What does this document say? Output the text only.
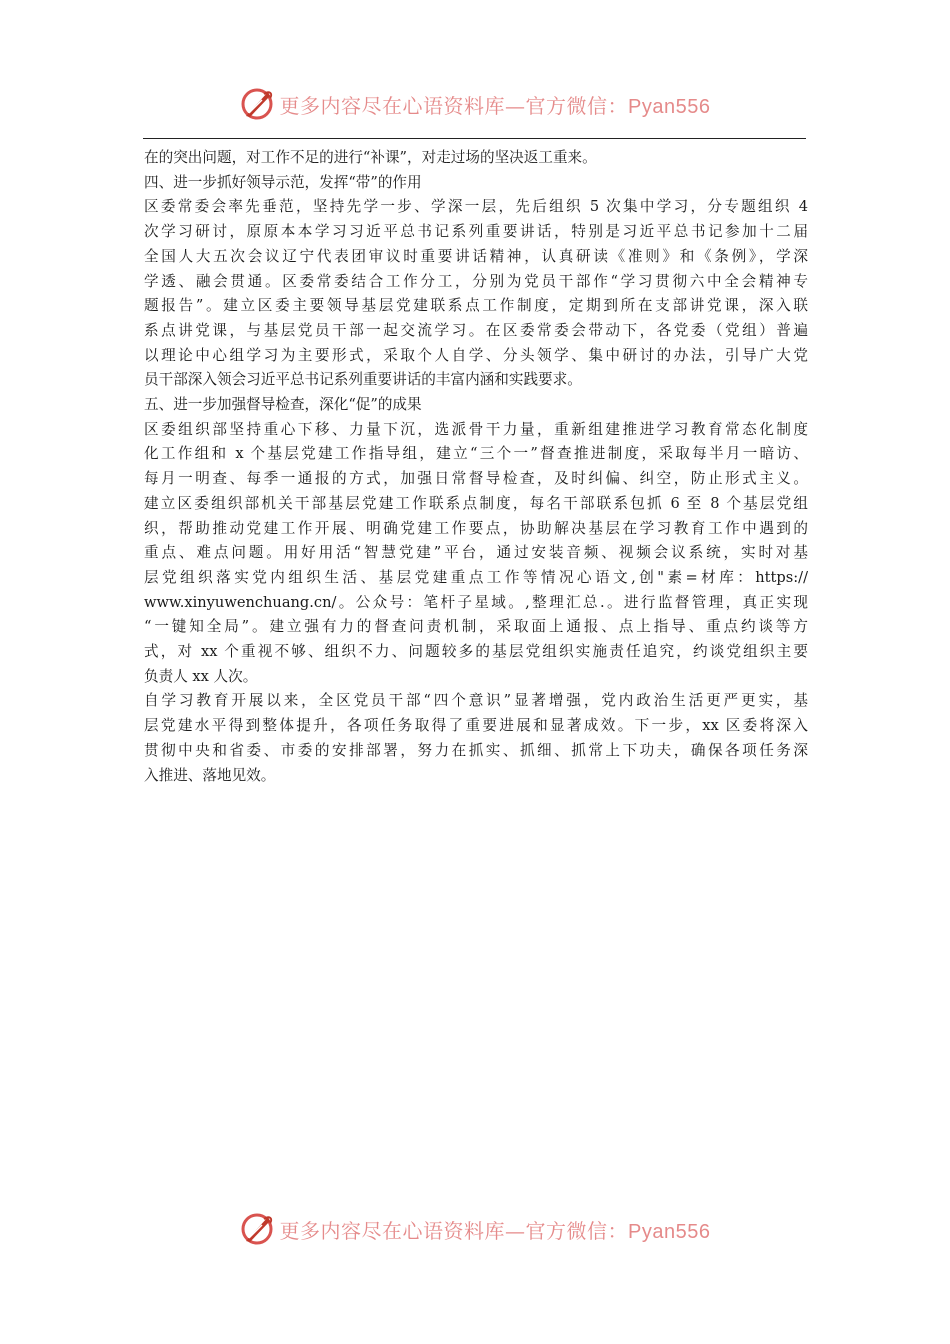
更多内容尽在心语资料库—官方微信：Pyan556

在的突出问题，对工作不足的进行“补课”，对走过场的坚决返工重来。

四、进一步抓好领导示范，发挥“带”的作用

区委常委会率先垂范，坚持先学一步、学深一层，先后组织 5 次集中学习，分专题组织 4
次学习研讨，原原本本学习习近平总书记系列重要讲话，特别是习近平总书记参加十二届
全国人大五次会议辽宁代表团审议时重要讲话精神，认真研读《准则》和《条例》，学深
学透、融会贯通。区委常委结合工作分工，分别为党员干部作“学习贯彻六中全会精神专
题报告”。建立区委主要领导基层党建联系点工作制度，定期到所在支部讲党课，深入联
系点讲党课，与基层党员干部一起交流学习。在区委常委会带动下，各党委（党组）普遍
以理论中心组学习为主要形式，采取个人自学、分头领学、集中研讨的办法，引导广大党
员干部深入领会习近平总书记系列重要讲话的丰富内涵和实践要求。

五、进一步加强督导检查，深化“促”的成果

区委组织部坚持重心下移、力量下沉，选派骨干力量，重新组建推进学习教育常态化制度
化工作组和 x 个基层党建工作指导组，建立“三个一”督查推进制度，采取每半月一暗访、
每月一明查、每季一通报的方式，加强日常督导检查，及时纠偏、纠空，防止形式主义。
建立区委组织部机关干部基层党建工作联系点制度，每名干部联系包抓 6 至 8 个基层党组
织，帮助推动党建工作开展、明确党建工作要点，协助解决基层在学习教育工作中遇到的
重点、难点问题。用好用活“智慧党建”平台，通过安装音频、视频会议系统，实时对基
层党组织落实党内组织生活、基层党建重点工作等情况心语文,创"素=材库：https://
www.xinyuwenchuang.cn/。公众号：笔杆子星域。,整理汇总.。进行监督管理，真正实现
“一键知全局”。建立强有力的督查问责机制，采取面上通报、点上指导、重点约谈等方
式，对 xx 个重视不够、组织不力、问题较多的基层党组织实施责任追究，约谈党组织主要
负责人 xx 人次。

自学习教育开展以来，全区党员干部“四个意识”显著增强，党内政治生活更严更实，基
层党建水平得到整体提升，各项任务取得了重要进展和显著成效。下一步，xx 区委将深入
贯彻中央和省委、市委的安排部署，努力在抓实、抓细、抓常上下功夫，确保各项任务深
入推进、落地见效。

更多内容尽在心语资料库—官方微信：Pyan556
